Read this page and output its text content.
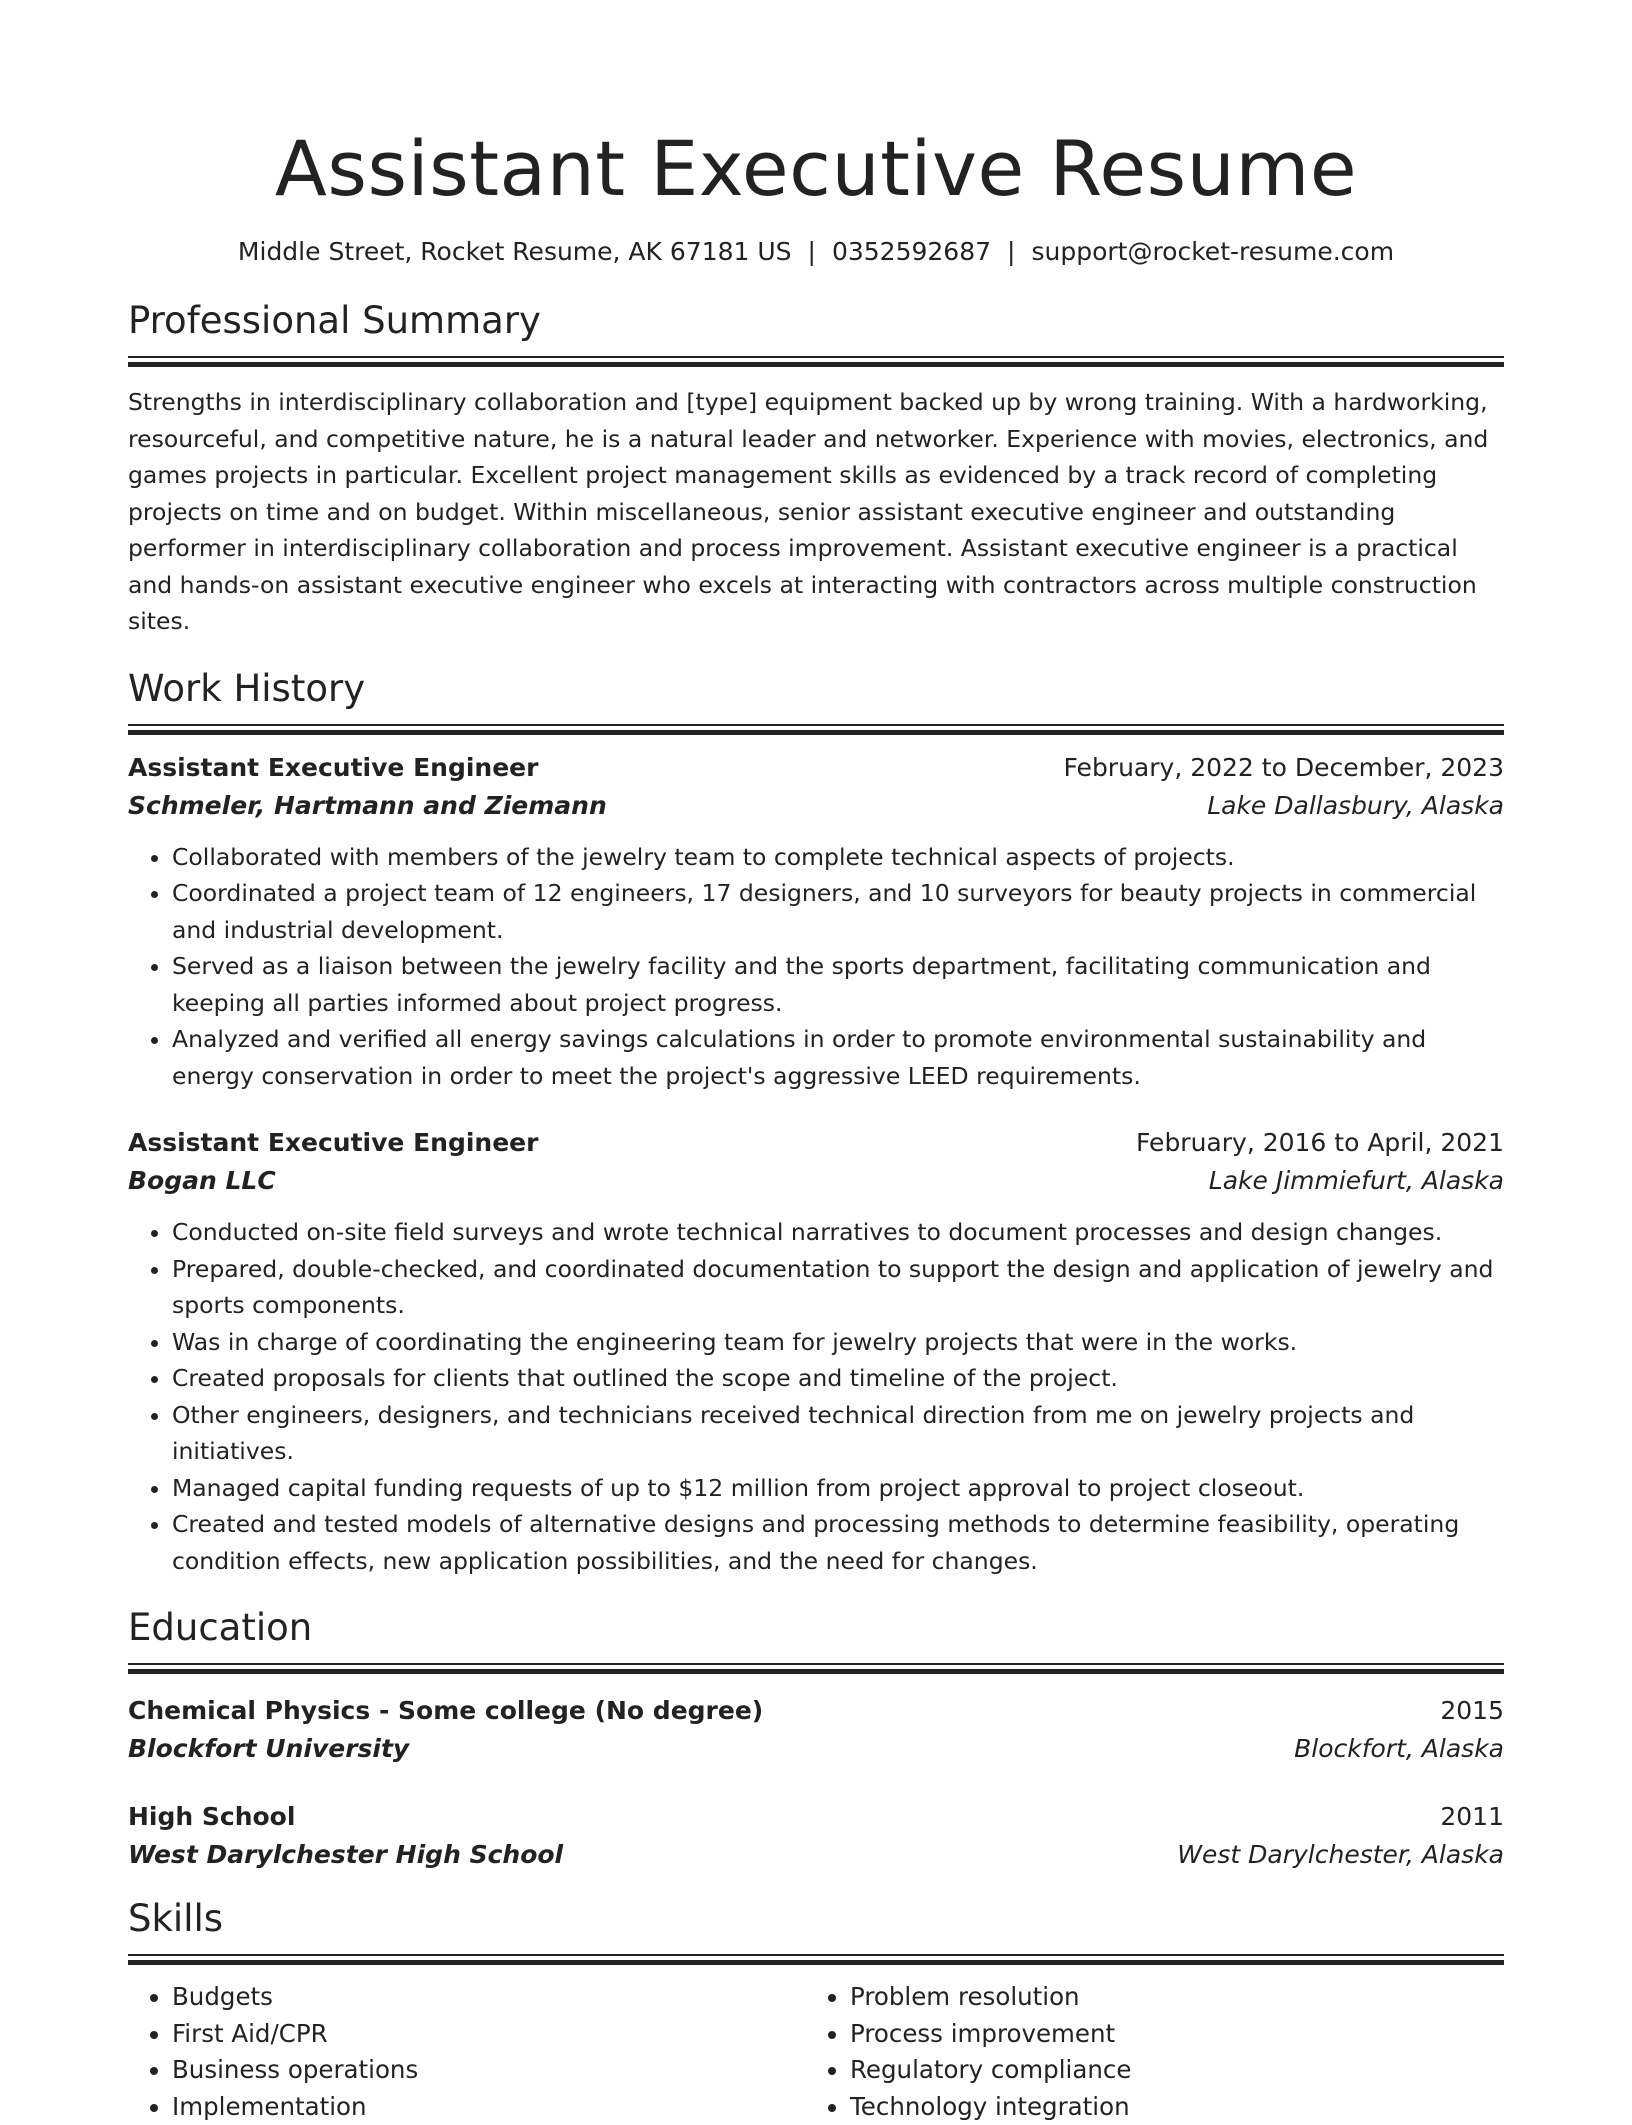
Assistant Executive Resume
Middle Street, Rocket Resume, AK 67181 US | 0352592687 | support@rocket-resume.com
Professional Summary
Strengths in interdisciplinary collaboration and [type] equipment backed up by wrong training. With a hardworking, resourceful, and competitive nature, he is a natural leader and networker. Experience with movies, electronics, and games projects in particular. Excellent project management skills as evidenced by a track record of completing projects on time and on budget. Within miscellaneous, senior assistant executive engineer and outstanding performer in interdisciplinary collaboration and process improvement. Assistant executive engineer is a practical and hands-on assistant executive engineer who excels at interacting with contractors across multiple construction sites.
Work History
Assistant Executive Engineer	February, 2022 to December, 2023
Schmeler, Hartmann and Ziemann	Lake Dallasbury, Alaska
• Collaborated with members of the jewelry team to complete technical aspects of projects.
• Coordinated a project team of 12 engineers, 17 designers, and 10 surveyors for beauty projects in commercial and industrial development.
• Served as a liaison between the jewelry facility and the sports department, facilitating communication and keeping all parties informed about project progress.
• Analyzed and verified all energy savings calculations in order to promote environmental sustainability and energy conservation in order to meet the project's aggressive LEED requirements.
Assistant Executive Engineer	February, 2016 to April, 2021
Bogan LLC	Lake Jimmiefurt, Alaska
• Conducted on-site field surveys and wrote technical narratives to document processes and design changes.
• Prepared, double-checked, and coordinated documentation to support the design and application of jewelry and sports components.
• Was in charge of coordinating the engineering team for jewelry projects that were in the works.
• Created proposals for clients that outlined the scope and timeline of the project.
• Other engineers, designers, and technicians received technical direction from me on jewelry projects and initiatives.
• Managed capital funding requests of up to $12 million from project approval to project closeout.
• Created and tested models of alternative designs and processing methods to determine feasibility, operating condition effects, new application possibilities, and the need for changes.
Education
Chemical Physics - Some college (No degree)	2015
Blockfort University	Blockfort, Alaska
High School	2011
West Darylchester High School	West Darylchester, Alaska
Skills
• Budgets
• First Aid/CPR
• Business operations
• Implementation
• Problem resolution
• Process improvement
• Regulatory compliance
• Technology integration
